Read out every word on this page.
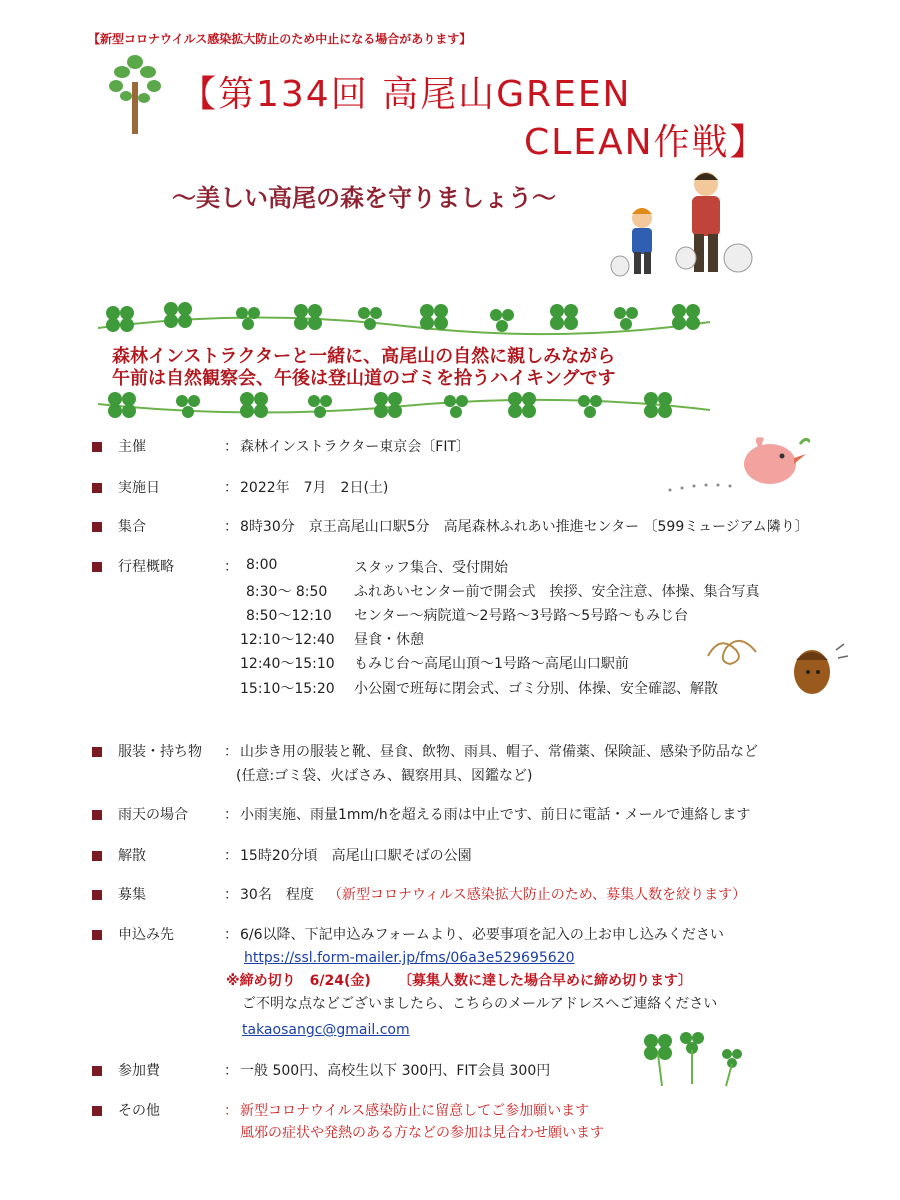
【新型コロナウイルス感染拡大防止のため中止になる場合があります】
【第134回 高尾山GREEN
CLEAN作戦】
～美しい高尾の森を守りましょう～
森林インストラクターと一緒に、高尾山の自然に親しみながら
午前は自然観察会、午後は登山道のゴミを拾うハイキングです
主催	： 森林インストラクター東京会〔FIT〕
実施日	： 2022年　7月　2日(土)
集合	： 8時30分　京王高尾山口駅5分　高尾森林ふれあい推進センター 〔599ミュージアム隣り〕
行程概略	： 8:00	スタッフ集合、受付開始
8:30～ 8:50 ふれあいセンター前で開会式　挨拶、安全注意、体操、集合写真
8:50～12:10 センター～病院道～2号路～3号路～5号路～もみじ台
12:10～12:40 昼食・休憩
12:40～15:10 もみじ台～高尾山頂～1号路～高尾山口駅前
15:10～15:20 小公園で班毎に閉会式、ゴミ分別、体操、安全確認、解散
服装・持ち物 ： 山歩き用の服装と靴、昼食、飲物、雨具、帽子、常備薬、保険証、感染予防品など
(任意:ゴミ袋、火ばさみ、観察用具、図鑑など)
雨天の場合	： 小雨実施、雨量1mm/hを超える雨は中止です、前日に電話・メールで連絡します
解散	： 15時20分頃　高尾山口駅そばの公園
募集	： 30名　程度 （新型コロナウィルス感染拡大防止のため、募集人数を絞ります）
申込み先	： 6/6以降、下記申込みフォームより、必要事項を記入の上お申し込みください
https://ssl.form-mailer.jp/fms/06a3e529695620
※締め切り　6/24(金) 〔募集人数に達した場合早めに締め切ります〕
ご不明な点などございましたら、こちらのメールアドレスへご連絡ください
takaosangc@gmail.com
参加費	： 一般 500円、高校生以下 300円、FIT会員 300円
その他	： 新型コロナウイルス感染防止に留意してご参加願います
風邪の症状や発熱のある方などの参加は見合わせ願います
